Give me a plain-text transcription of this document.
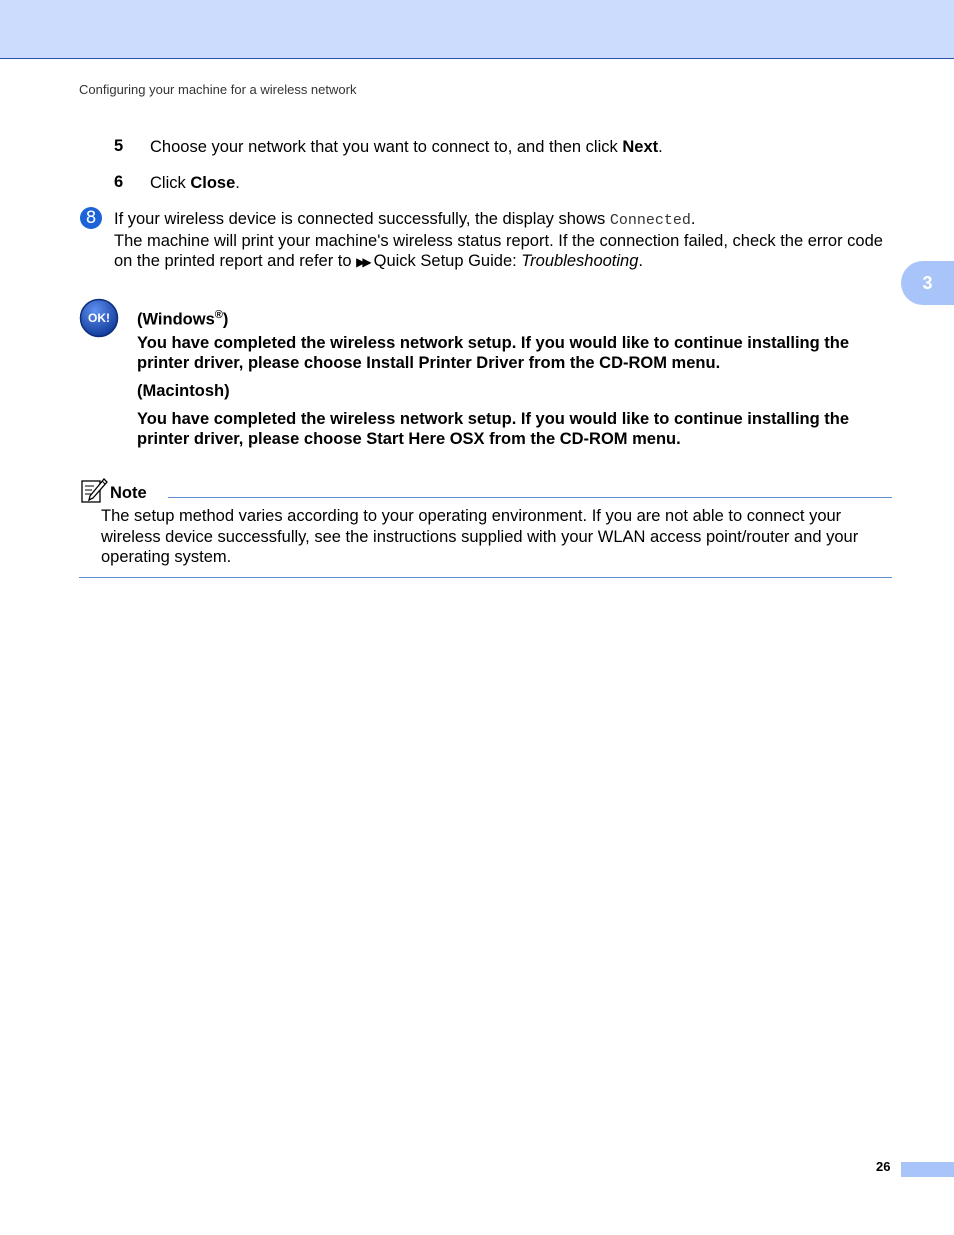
Configuring your machine for a wireless network
5 Choose your network that you want to connect to, and then click Next.
6 Click Close.
8	If your wireless device is connected successfully, the display shows Connected.
The machine will print your machine's wireless status report. If the connection failed, check the error code on the printed report and refer to ▶▶ Quick Setup Guide: Troubleshooting.
3
OK! (Windows®)
You have completed the wireless network setup. If you would like to continue installing the printer driver, please choose Install Printer Driver from the CD-ROM menu.
(Macintosh)
You have completed the wireless network setup. If you would like to continue installing the printer driver, please choose Start Here OSX from the CD-ROM menu.
Note
The setup method varies according to your operating environment. If you are not able to connect your wireless device successfully, see the instructions supplied with your WLAN access point/router and your operating system.
26
